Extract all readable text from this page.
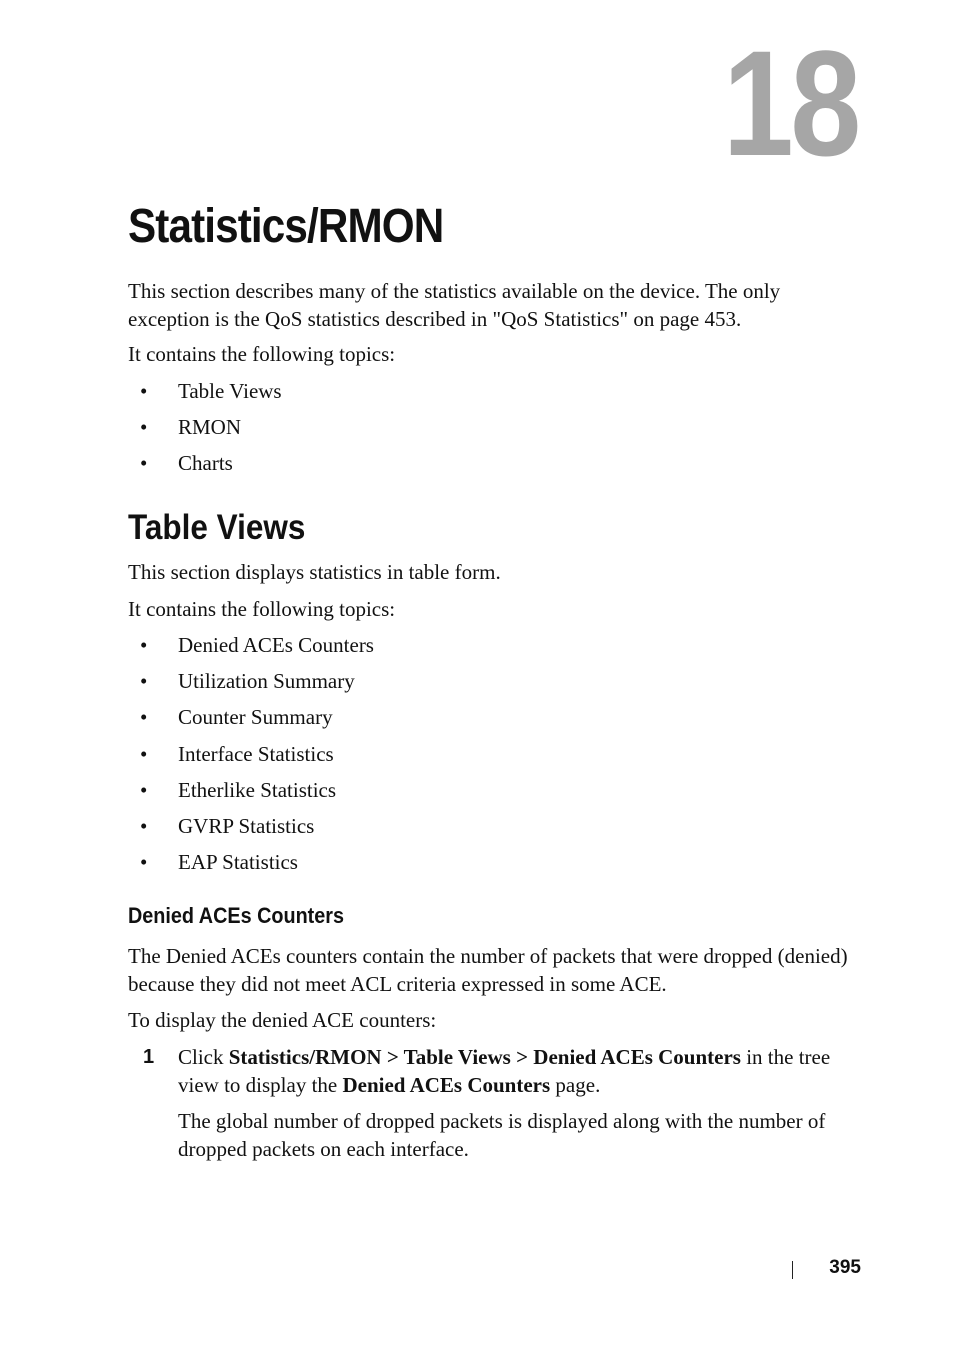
18
Statistics/RMON

This section describes many of the statistics available on the device. The only exception is the QoS statistics described in "QoS Statistics" on page 453.

It contains the following topics:

• Table Views
• RMON
• Charts
Table Views

This section displays statistics in table form.

It contains the following topics:

• Denied ACEs Counters
• Utilization Summary
• Counter Summary
• Interface Statistics
• Etherlike Statistics
• GVRP Statistics
• EAP Statistics
Denied ACEs Counters

The Denied ACEs counters contain the number of packets that were dropped (denied) because they did not meet ACL criteria expressed in some ACE.

To display the denied ACE counters:

1 Click Statistics/RMON > Table Views > Denied ACEs Counters in the tree view to display the Denied ACEs Counters page.

The global number of dropped packets is displayed along with the number of dropped packets on each interface.

395
